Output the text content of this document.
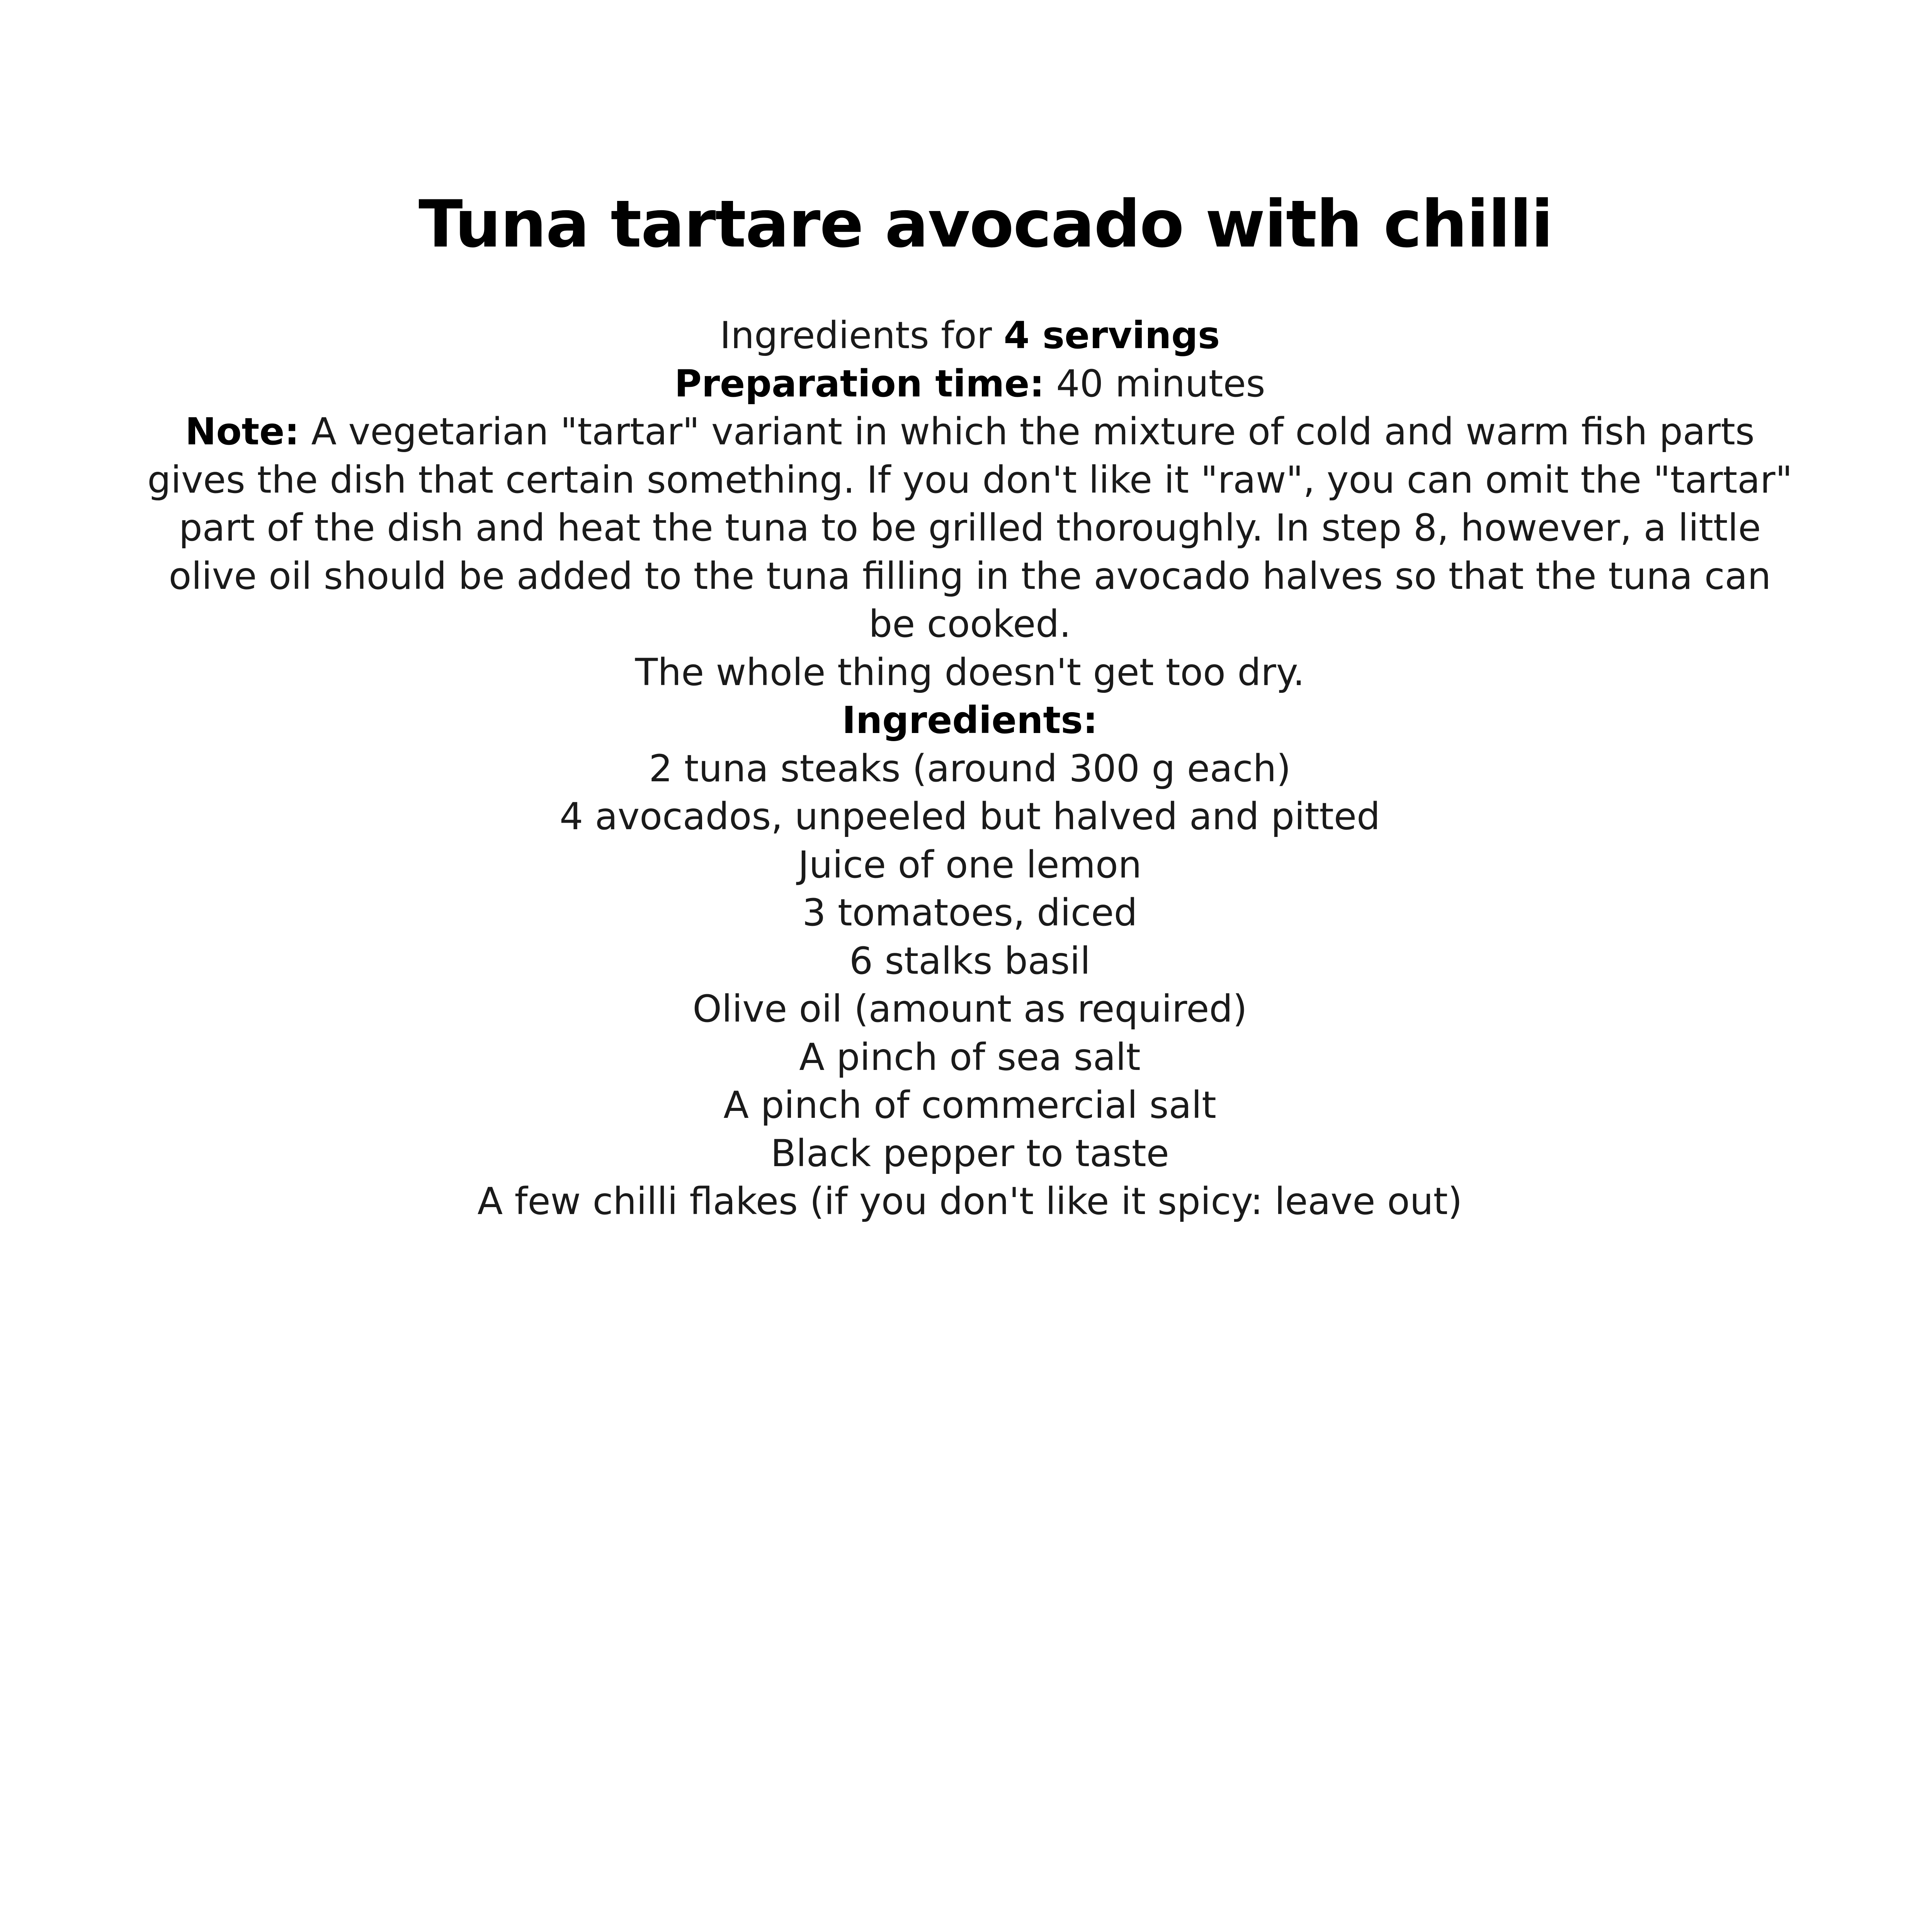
Tuna tartare avocado with chilli
Ingredients for 4 servings
Preparation time: 40 minutes
Note: A vegetarian "tartar" variant in which the mixture of cold and warm fish parts gives the dish that certain something. If you don't like it "raw", you can omit the "tartar" part of the dish and heat the tuna to be grilled thoroughly. In step 8, however, a little olive oil should be added to the tuna filling in the avocado halves so that the tuna can be cooked.
The whole thing doesn't get too dry.
Ingredients:
2 tuna steaks (around 300 g each)
4 avocados, unpeeled but halved and pitted
Juice of one lemon
3 tomatoes, diced
6 stalks basil
Olive oil (amount as required)
A pinch of sea salt
A pinch of commercial salt
Black pepper to taste
A few chilli flakes (if you don't like it spicy: leave out)
